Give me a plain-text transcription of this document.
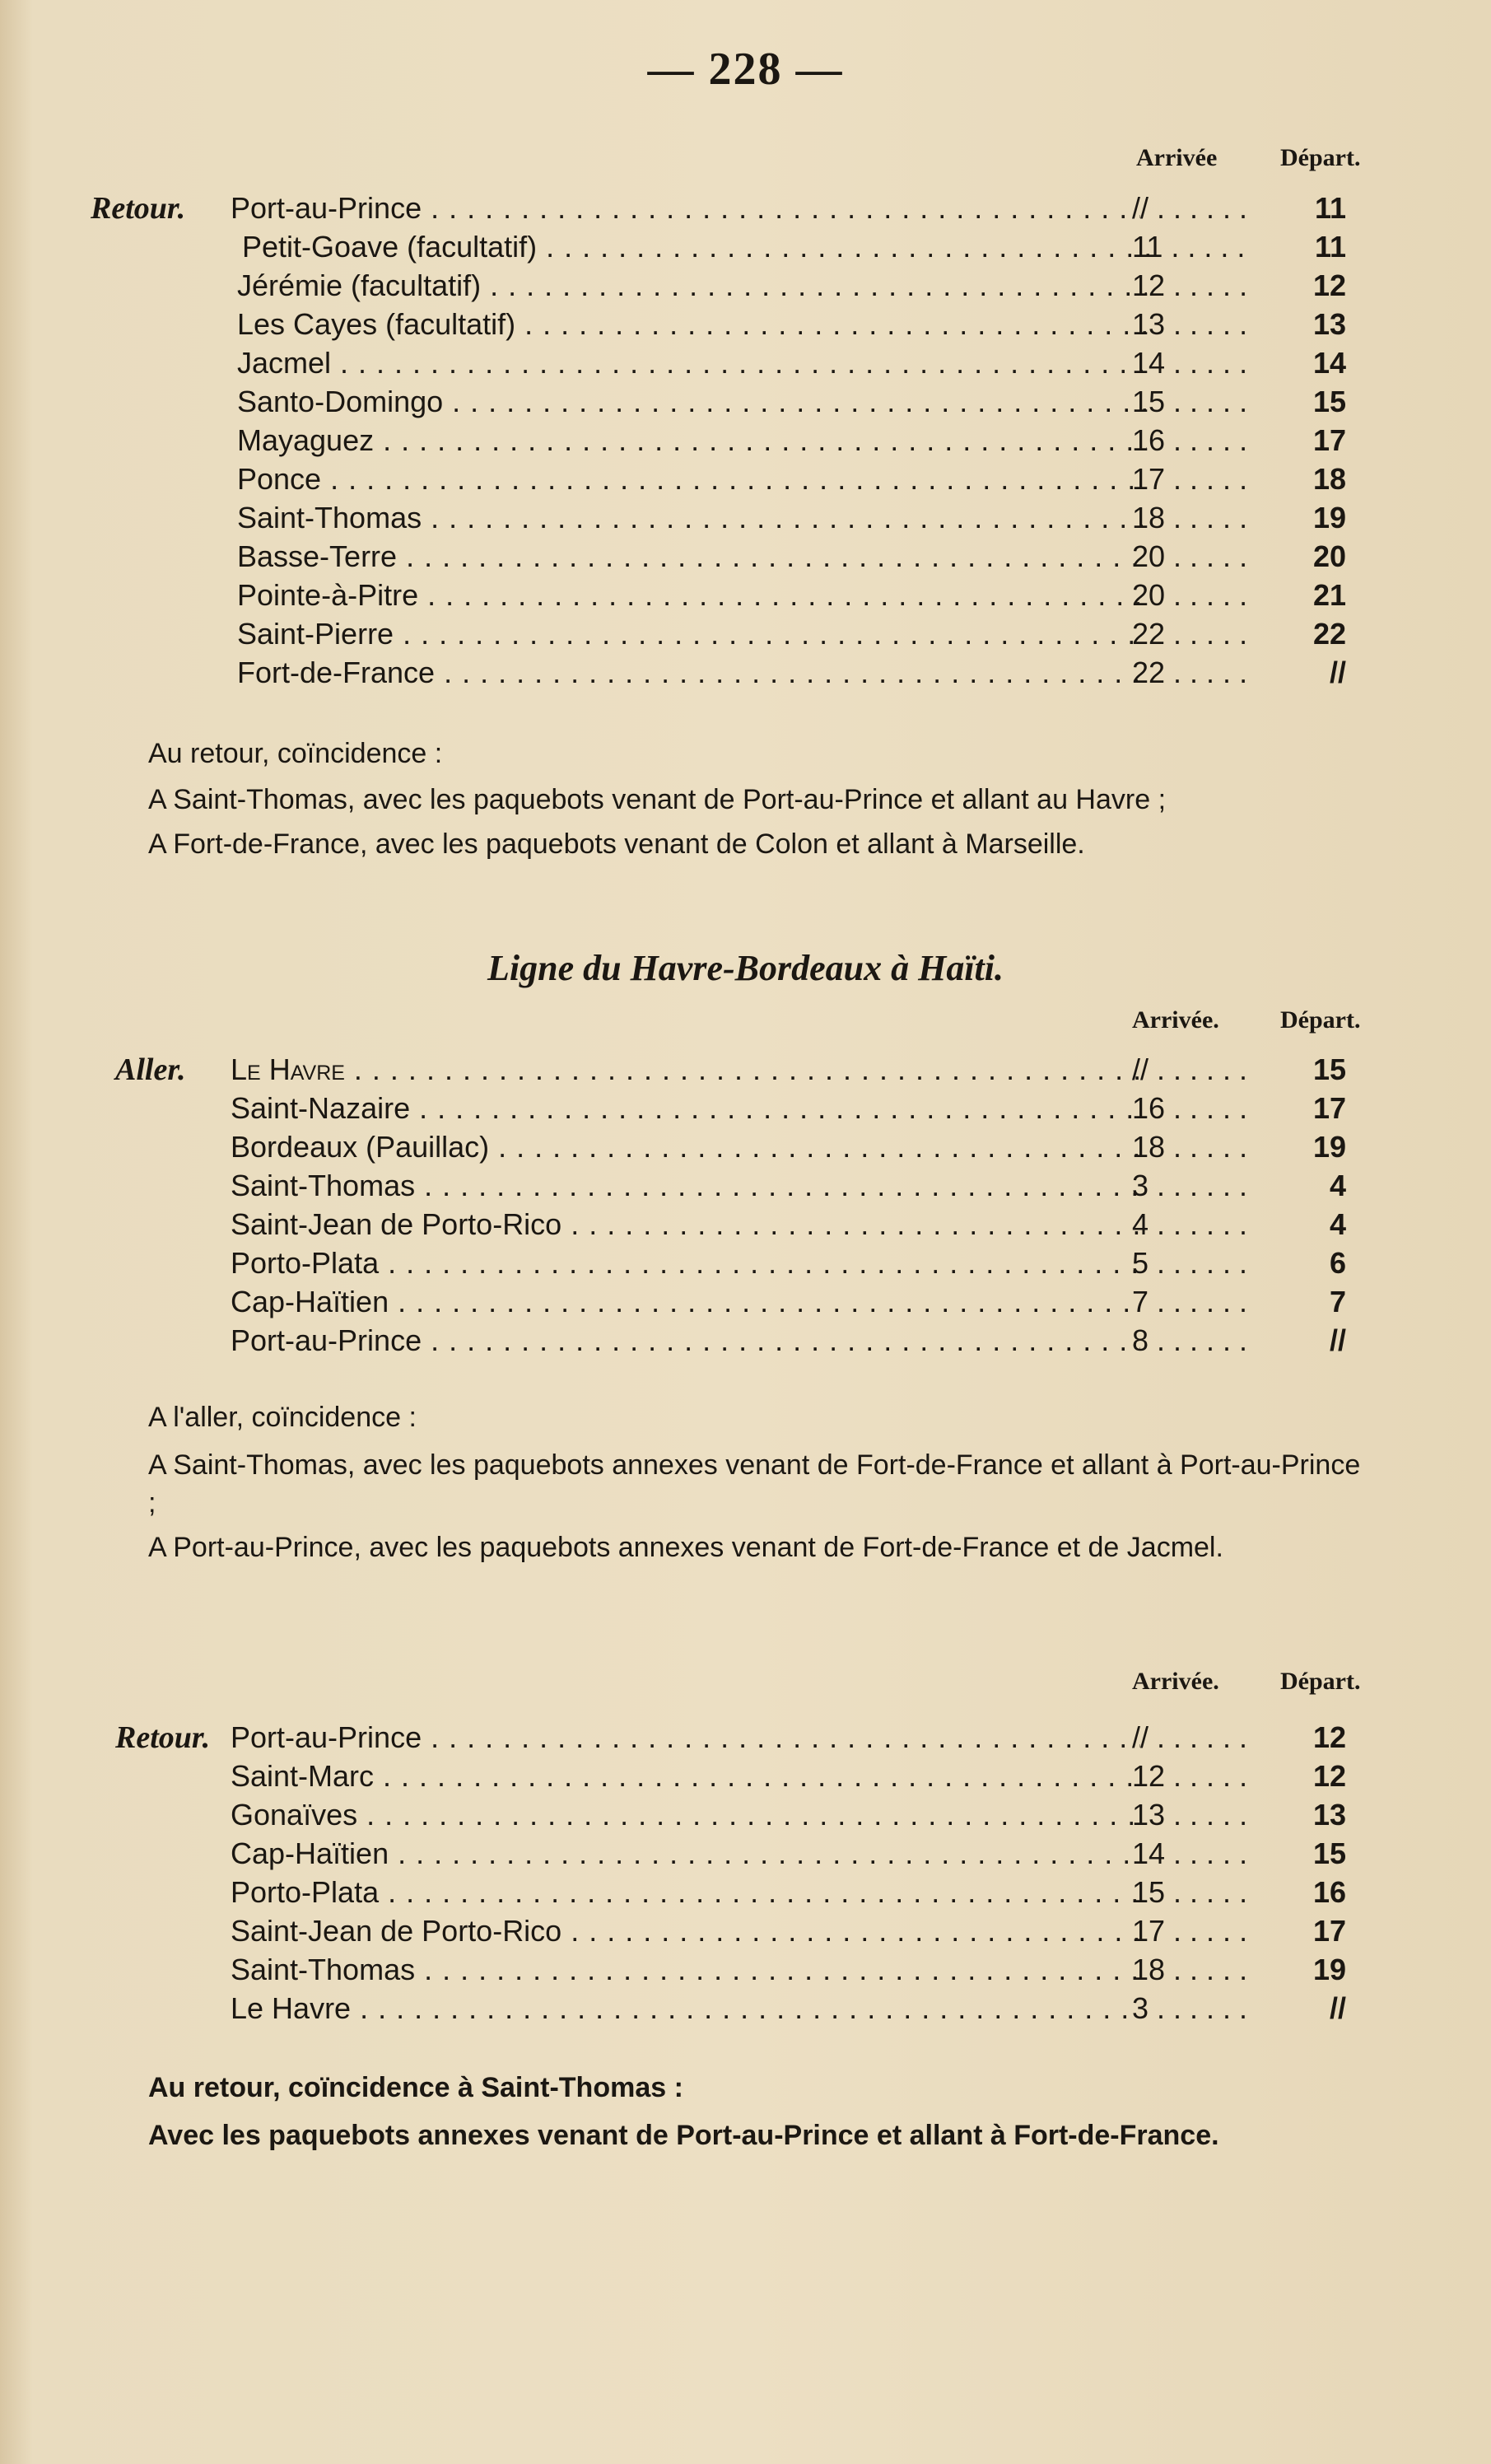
— 228 —
Arrivée	Départ.
Retour.	Port-au-Prince . . .	// . . .	11
Petit-Goave (facultatif) . . .	11 . . .	11
Jérémie (facultatif) . . .	12 . . .	12
Les Cayes (facultatif) . . .	13 . . .	13
Jacmel . . .	14 . . .	14
Santo-Domingo . . .	15 . . .	15
Mayaguez . . .	16 . . .	17
Ponce . . .	17 . . .	18
Saint-Thomas . . .	18 . . .	19
Basse-Terre . . .	20 . . .	20
Pointe-à-Pitre . . .	20 . . .	21
Saint-Pierre . . .	22 . . .	22
Fort-de-France . . .	22 . . .	//
Au retour, coïncidence :
A Saint-Thomas, avec les paquebots venant de Port-au-Prince et allant au Havre ;
A Fort-de-France, avec les paquebots venant de Colon et allant à Marseille.
Ligne du Havre-Bordeaux à Haïti.
Arrivée. Départ.
Aller.	Le Havre . . .	// . . .	15
Saint-Nazaire . . .	16 . . .	17
Bordeaux (Pauillac) . . .	18 . . .	19
Saint-Thomas . . .	3 . . .	4
Saint-Jean de Porto-Rico . . .	4 . . .	4
Porto-Plata . . .	5 . . .	6
Cap-Haïtien . . .	7 . . .	7
Port-au-Prince . . .	8 . . .	//
A l'aller, coïncidence :
A Saint-Thomas, avec les paquebots annexes venant de Fort-de-France et allant à Port-au-Prince ;
A Port-au-Prince, avec les paquebots annexes venant de Fort-de-France et de Jacmel.
Arrivée. Départ.
Retour. Port-au-Prince . . .	// . . .	12
Saint-Marc . . .	12 . . .	12
Gonaïves . . .	13 . . .	13
Cap-Haïtien . . .	14 . . .	15
Porto-Plata . . .	15 . . .	16
Saint-Jean de Porto-Rico . . .	17 . . .	17
Saint-Thomas . . .	18 . . .	19
Le Havre . . .	3 . . .	//
Au retour, coïncidence à Saint-Thomas :
Avec les paquebots annexes venant de Port-au-Prince et allant à Fort-de-France.
